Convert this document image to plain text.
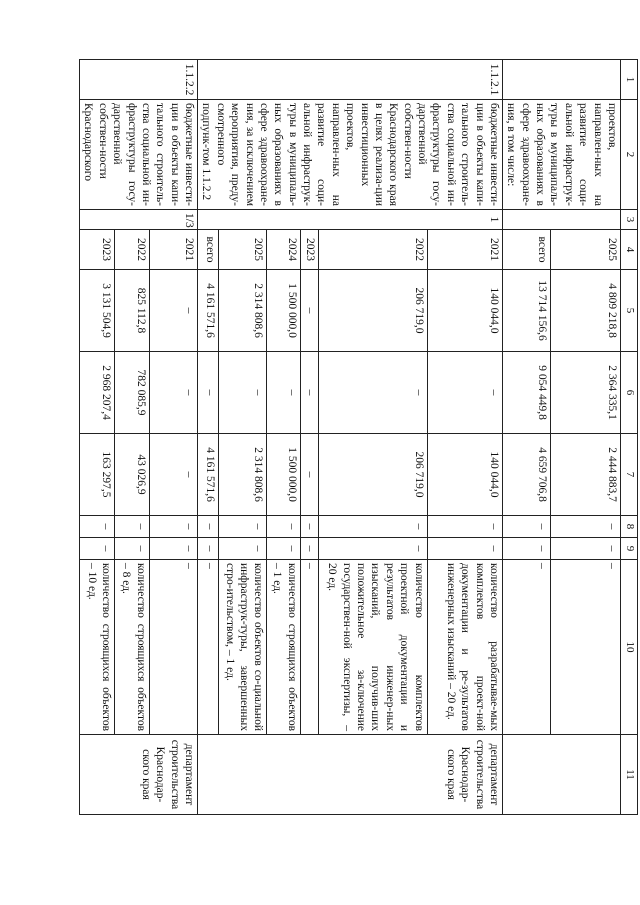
1	2	3	4	5	6	7	8	9	10	11
	проектов, направлен-ных на развитие соци-альной инфраструк-туры в муниципаль-ных образованиях в сфере здравоохране-ния, в том числе:		2025	4 809 218,8	2 364 335,1	2 444 883,7	–	–	–	
			всего	13 714 156,6	9 054 449,8	4 659 706,8	–	–	–	
1.1.2.1	бюджетные инвести-ции в объекты капи-тального строитель-ства социальной ин-фраструктуры госу-дарственной собствен-ности Краснодарского края в целях реализа-ции инвестиционных проектов, направлен-ных на развитие соци-альной инфраструк-туры в муниципаль-ных образованиях в сфере здравоохране-ния, за исключением мероприятия, преду-смотренного подпунк-том 1.1.2.2	1	2021	140 044,0	–	140 044,0	–	–	количество разрабатывае-мых комплектов проект-ной документации и ре-зультатов инженерных изысканий – 20 ед.	департамент строительства Краснодар-ского края
			2022	206 719,0	–	206 719,0	–	–	количество комплектов проектной документации и результатов инженер-ных изысканий, получив-ших положительное за-ключение государствен-ной экспертизы, – 20 ед.	
			2023	–	–	–	–	–	–	
			2024	1 500 000,0	–	1 500 000,0	–	–	количество строящихся объектов – 1 ед.	
			2025	2 314 808,6	–	2 314 808,6	–	–	количество объектов со-циальной инфраструк-туры, завершенных стро-ительством, – 1 ед.	
			всего	4 161 571,6	–	4 161 571,6	–	–	–	
1.1.2.2	бюджетные инвести-ции в объекты капи-тального строитель-ства социальной ин-фраструктуры госу-дарственной собствен-ности Краснодарского	1/3	2021	–	–	–	–	–	–	департамент строительства Краснодар-ского края
			2022	825 112,8	782 085,9	43 026,9	–	–	количество строящихся объектов – 8 ед.	
			2023	3 131 504,9	2 968 207,4	163 297,5	–	–	количество строящихся объектов – 10 ед.	
